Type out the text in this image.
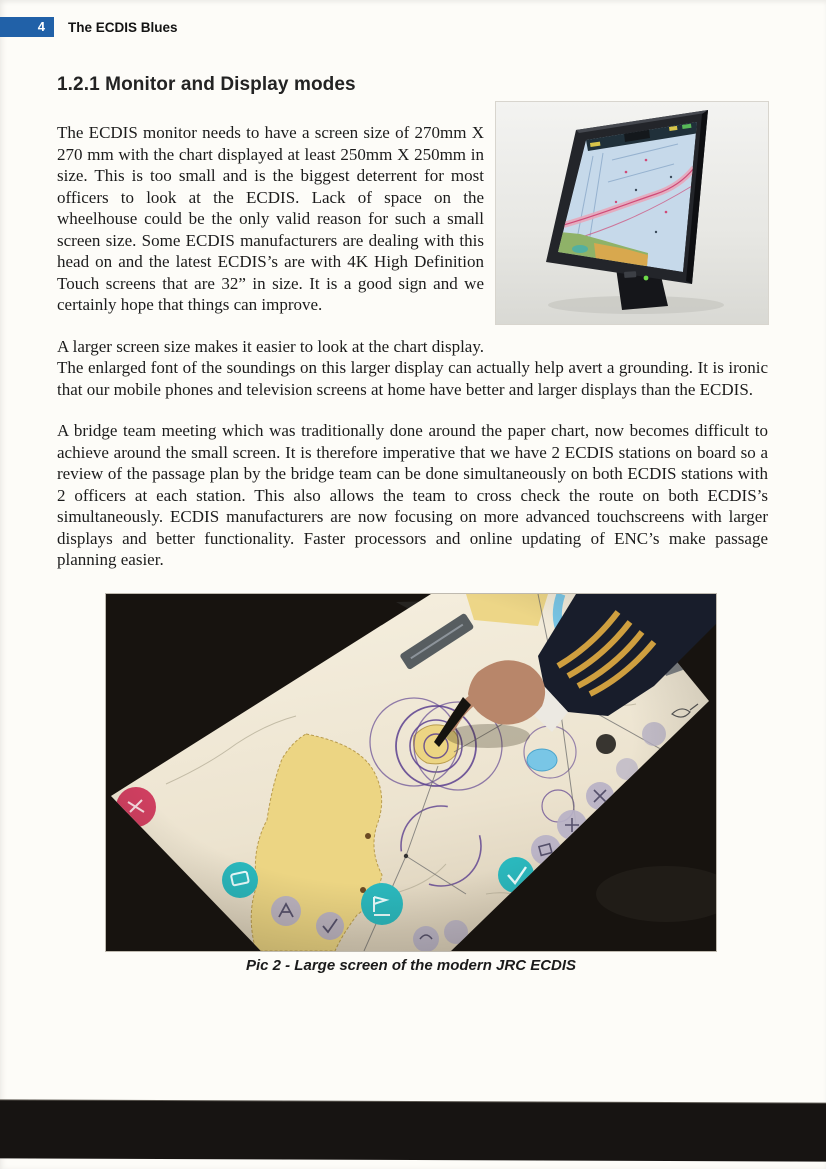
4	The ECDIS Blues
1.2.1 Monitor and Display modes

The ECDIS monitor needs to have a screen size of 270mm X 270 mm with the chart displayed at least 250mm X 250mm in size. This is too small and is the biggest deterrent for most officers to look at the ECDIS. Lack of space on the wheelhouse could be the only valid reason for such a small screen size. Some ECDIS manufacturers are dealing with this head on and the latest ECDIS’s are with 4K High Definition Touch screens that are 32” in size. It is a good sign and we certainly hope that things can improve.

A larger screen size makes it easier to look at the chart display. The enlarged font of the soundings on this larger display can actually help avert a grounding. It is ironic that our mobile phones and television screens at home have better and larger displays than the ECDIS.

A bridge team meeting which was traditionally done around the paper chart, now becomes difficult to achieve around the small screen. It is therefore imperative that we have 2 ECDIS stations on board so a review of the passage plan by the bridge team can be done simultaneously on both ECDIS stations with 2 officers at each station. This also allows the team to cross check the route on both ECDIS’s simultaneously. ECDIS manufacturers are now focusing on more advanced touchscreens with larger displays and better functionality. Faster processors and online updating of ENC’s make passage planning easier.

Pic 2 - Large screen of the modern JRC ECDIS
